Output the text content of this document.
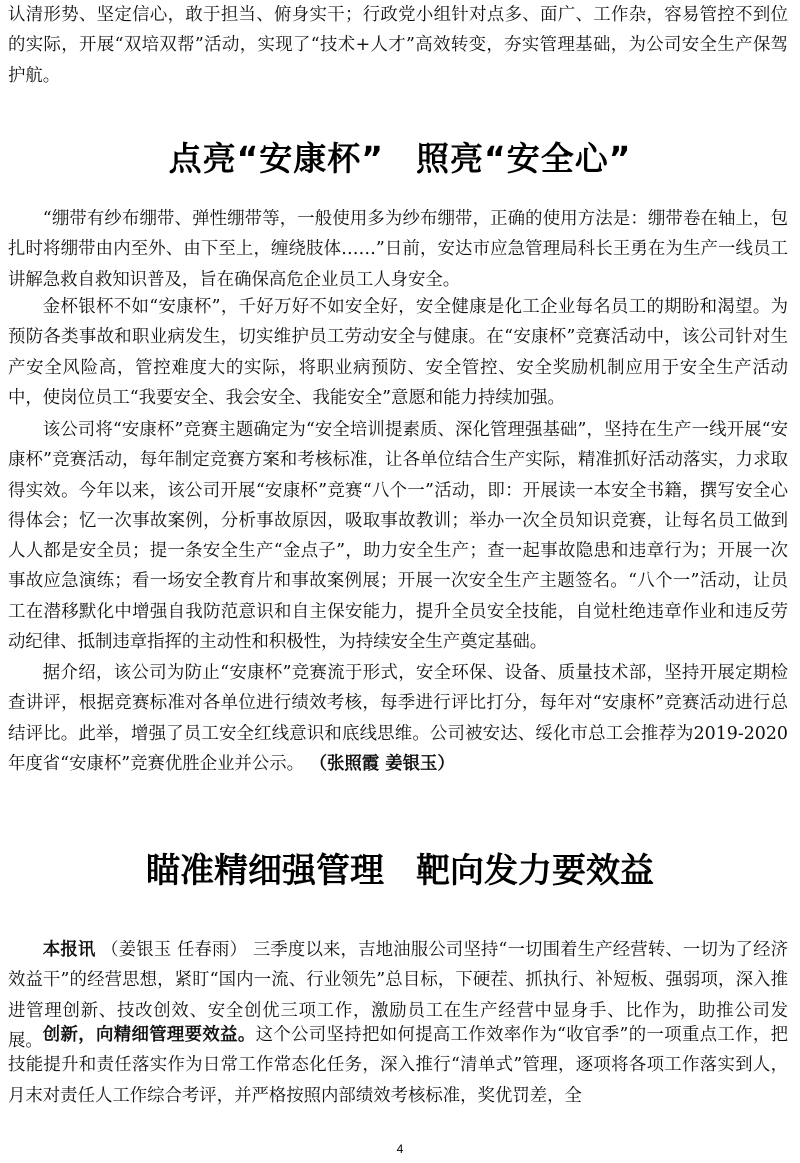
认清形势、坚定信心，敢于担当、俯身实干；行政党小组针对点多、面广、工作杂，容易管控不到位的实际，开展“双培双帮”活动，实现了“技术+人才”高效转变，夯实管理基础，为公司安全生产保驾护航。

点亮“安康杯” 照亮“安全心”

“绷带有纱布绷带、弹性绷带等，一般使用多为纱布绷带，正确的使用方法是：绷带卷在轴上，包扎时将绷带由内至外、由下至上，缠绕肢体……”日前，安达市应急管理局科长王勇在为生产一线员工讲解急救自救知识普及，旨在确保高危企业员工人身安全。

金杯银杯不如“安康杯”，千好万好不如安全好，安全健康是化工企业每名员工的期盼和渴望。为预防各类事故和职业病发生，切实维护员工劳动安全与健康。在“安康杯”竞赛活动中，该公司针对生产安全风险高，管控难度大的实际，将职业病预防、安全管控、安全奖励机制应用于安全生产活动中，使岗位员工“我要安全、我会安全、我能安全”意愿和能力持续加强。

该公司将“安康杯”竞赛主题确定为“安全培训提素质、深化管理强基础”，坚持在生产一线开展“安康杯”竞赛活动，每年制定竞赛方案和考核标准，让各单位结合生产实际，精准抓好活动落实，力求取得实效。今年以来，该公司开展“安康杯”竞赛“八个一”活动，即：开展读一本安全书籍，撰写安全心得体会；忆一次事故案例，分析事故原因，吸取事故教训；举办一次全员知识竞赛，让每名员工做到人人都是安全员；提一条安全生产“金点子”，助力安全生产；查一起事故隐患和违章行为；开展一次事故应急演练；看一场安全教育片和事故案例展；开展一次安全生产主题签名。“八个一”活动，让员工在潜移默化中增强自我防范意识和自主保安能力，提升全员安全技能，自觉杜绝违章作业和违反劳动纪律、抵制违章指挥的主动性和积极性，为持续安全生产奠定基础。

据介绍，该公司为防止“安康杯”竞赛流于形式，安全环保、设备、质量技术部，坚持开展定期检查讲评，根据竞赛标准对各单位进行绩效考核，每季进行评比打分，每年对“安康杯”竞赛活动进行总结评比。此举，增强了员工安全红线意识和底线思维。公司被安达、绥化市总工会推荐为2019-2020年度省“安康杯”竞赛优胜企业并公示。 （张照霞 姜银玉）

瞄准精细强管理 靶向发力要效益

本报讯 （姜银玉 任春雨） 三季度以来，吉地油服公司坚持“一切围着生产经营转、一切为了经济效益干”的经营思想，紧盯“国内一流、行业领先”总目标，下硬茬、抓执行、补短板、强弱项，深入推进管理创新、技改创效、安全创优三项工作，激励员工在生产经营中显身手、比作为，助推公司发展。 创新，向精细管理要效益。这个公司坚持把如何提高工作效率作为“收官季”的一项重点工作，把技能提升和责任落实作为日常工作常态化任务，深入推行“清单式”管理，逐项将各项工作落实到人，月末对责任人工作综合考评，并严格按照内部绩效考核标准，奖优罚差，全

4
